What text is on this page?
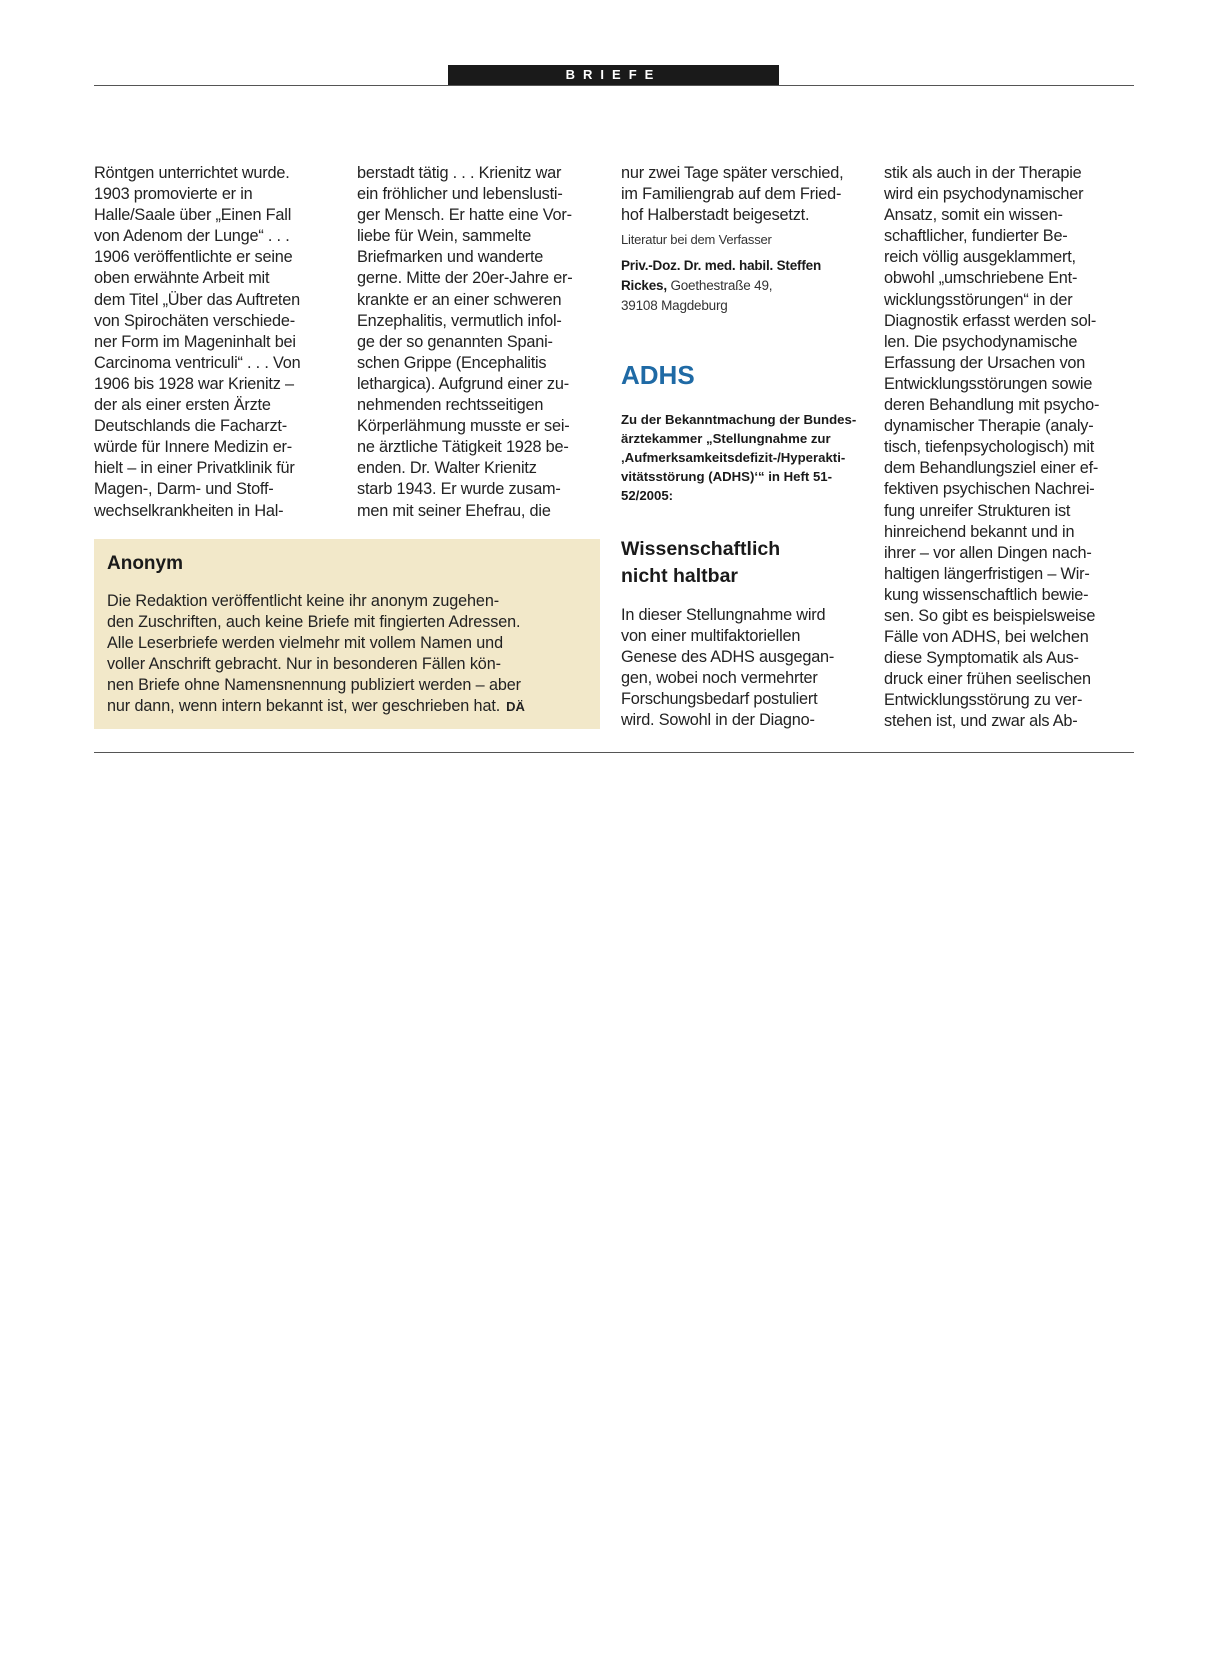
BRIEFE
Röntgen unterrichtet wurde.
1903 promovierte er in
Halle/Saale über „Einen Fall
von Adenom der Lunge“ . . .
1906 veröffentlichte er seine
oben erwähnte Arbeit mit
dem Titel „Über das Auftreten
von Spirochäten verschiede-
ner Form im Mageninhalt bei
Carcinoma ventriculi“ . . . Von
1906 bis 1928 war Krienitz –
der als einer ersten Ärzte
Deutschlands die Facharzt-
würde für Innere Medizin er-
hielt – in einer Privatklinik für
Magen-, Darm- und Stoff-
wechselkrankheiten in Hal-
berstadt tätig . . . Krienitz war
ein fröhlicher und lebenslusti-
ger Mensch. Er hatte eine Vor-
liebe für Wein, sammelte
Briefmarken und wanderte
gerne. Mitte der 20er-Jahre er-
krankte er an einer schweren
Enzephalitis, vermutlich infol-
ge der so genannten Spani-
schen Grippe (Encephalitis
lethargica). Aufgrund einer zu-
nehmenden rechtsseitigen
Körperlähmung musste er sei-
ne ärztliche Tätigkeit 1928 be-
enden. Dr. Walter Krienitz
starb 1943. Er wurde zusam-
men mit seiner Ehefrau, die
nur zwei Tage später verschied,
im Familiengrab auf dem Fried-
hof Halberstadt beigesetzt.
Literatur bei dem Verfasser
Priv.-Doz. Dr. med. habil. Steffen
Rickes, Goethestraße 49,
39108 Magdeburg
ADHS
Zu der Bekanntmachung der Bundes-
ärztekammer „Stellungnahme zur
‚Aufmerksamkeitsdefizit-/Hyperakti-
vitätsstörung (ADHS)‘“ in Heft 51-
52/2005:
Wissenschaftlich
nicht haltbar
In dieser Stellungnahme wird
von einer multifaktoriellen
Genese des ADHS ausgegan-
gen, wobei noch vermehrter
Forschungsbedarf postuliert
wird. Sowohl in der Diagno-
stik als auch in der Therapie
wird ein psychodynamischer
Ansatz, somit ein wissen-
schaftlicher, fundierter Be-
reich völlig ausgeklammert,
obwohl „umschriebene Ent-
wicklungsstörungen“ in der
Diagnostik erfasst werden sol-
len. Die psychodynamische
Erfassung der Ursachen von
Entwicklungsstörungen sowie
deren Behandlung mit psycho-
dynamischer Therapie (analy-
tisch, tiefenpsychologisch) mit
dem Behandlungsziel einer ef-
fektiven psychischen Nachrei-
fung unreifer Strukturen ist
hinreichend bekannt und in
ihrer – vor allen Dingen nach-
haltigen längerfristigen – Wir-
kung wissenschaftlich bewie-
sen. So gibt es beispielsweise
Fälle von ADHS, bei welchen
diese Symptomatik als Aus-
druck einer frühen seelischen
Entwicklungsstörung zu ver-
stehen ist, und zwar als Ab-
Anonym
Die Redaktion veröffentlicht keine ihr anonym zugehen-
den Zuschriften, auch keine Briefe mit fingierten Adressen.
Alle Leserbriefe werden vielmehr mit vollem Namen und
voller Anschrift gebracht. Nur in besonderen Fällen kön-
nen Briefe ohne Namensnennung publiziert werden – aber
nur dann, wenn intern bekannt ist, wer geschrieben hat. DÄ
